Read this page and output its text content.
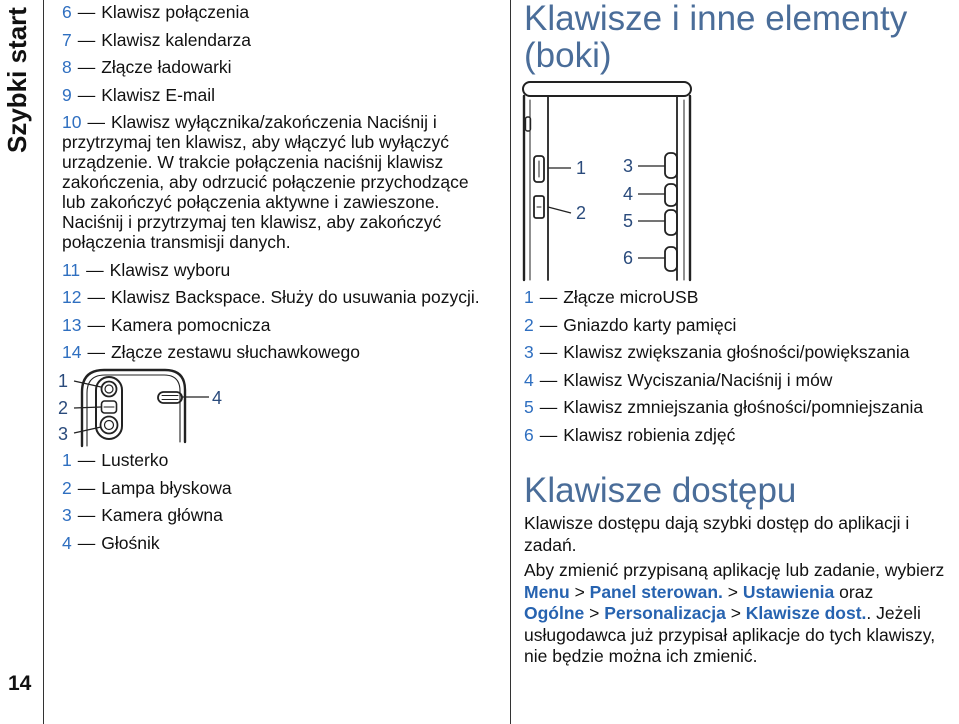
Szybki start
14
6 — Klawisz połączenia
7 — Klawisz kalendarza
8 — Złącze ładowarki
9 — Klawisz E-mail
10 — Klawisz wyłącznika/zakończenia Naciśnij i
przytrzymaj ten klawisz, aby włączyć lub wyłączyć
urządzenie. W trakcie połączenia naciśnij klawisz
zakończenia, aby odrzucić połączenie przychodzące
lub zakończyć połączenia aktywne i zawieszone.
Naciśnij i przytrzymaj ten klawisz, aby zakończyć
połączenia transmisji danych.
11 — Klawisz wyboru
12 — Klawisz Backspace. Służy do usuwania pozycji.
13 — Kamera pomocnicza
14 — Złącze zestawu słuchawkowego
1
2
3
4
1 — Lusterko
2 — Lampa błyskowa
3 — Kamera główna
4 — Głośnik
Klawisze i inne elementy
(boki)
1
2
3
4
5
6
1 — Złącze microUSB
2 — Gniazdo karty pamięci
3 — Klawisz zwiększania głośności/powiększania
4 — Klawisz Wyciszania/Naciśnij i mów
5 — Klawisz zmniejszania głośności/pomniejszania
6 — Klawisz robienia zdjęć
Klawisze dostępu
Klawisze dostępu dają szybki dostęp do aplikacji i
zadań.
Aby zmienić przypisaną aplikację lub zadanie, wybierz
Menu > Panel sterowan. > Ustawienia oraz
Ogólne > Personalizacja > Klawisze dost.. Jeżeli
usługodawca już przypisał aplikacje do tych klawiszy,
nie będzie można ich zmienić.
